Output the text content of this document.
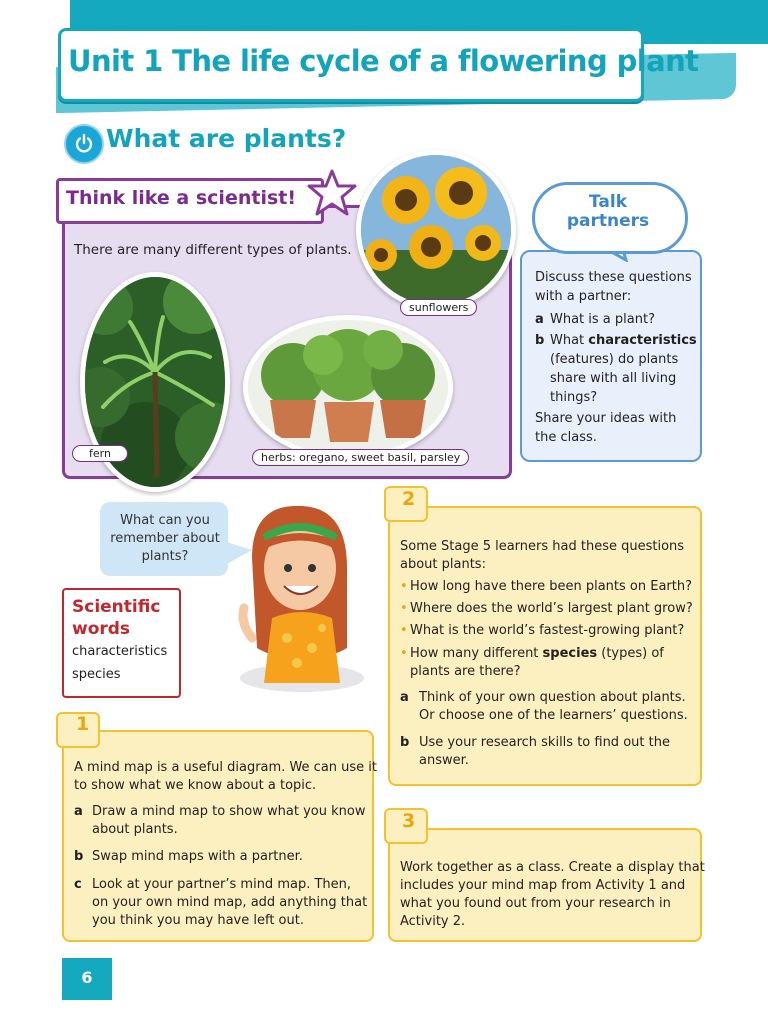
Unit 1 The life cycle of a flowering plant
What are plants?
Think like a scientist!
There are many different types of plants.
fern	herbs: oregano, sweet basil, parsley
sunflowers
Talk
partners
Discuss these questions
with a partner:
a What is a plant?
b What characteristics
(features) do plants
share with all living
things?
Share your ideas with
the class.
What can you
remember about
plants?
Scientific
words
characteristics
species
1
A mind map is a useful diagram. We can use it
to show what we know about a topic.
a Draw a mind map to show what you know
about plants.
b Swap mind maps with a partner.
c Look at your partner’s mind map. Then,
on your own mind map, add anything that
you think you may have left out.
2
Some Stage 5 learners had these questions
about plants:
• How long have there been plants on Earth?
• Where does the world’s largest plant grow?
• What is the world’s fastest-growing plant?
• How many different species (types) of
plants are there?
a Think of your own question about plants.
Or choose one of the learners’ questions.
b Use your research skills to find out the
answer.
3
Work together as a class. Create a display that
includes your mind map from Activity 1 and
what you found out from your research in
Activity 2.
6
